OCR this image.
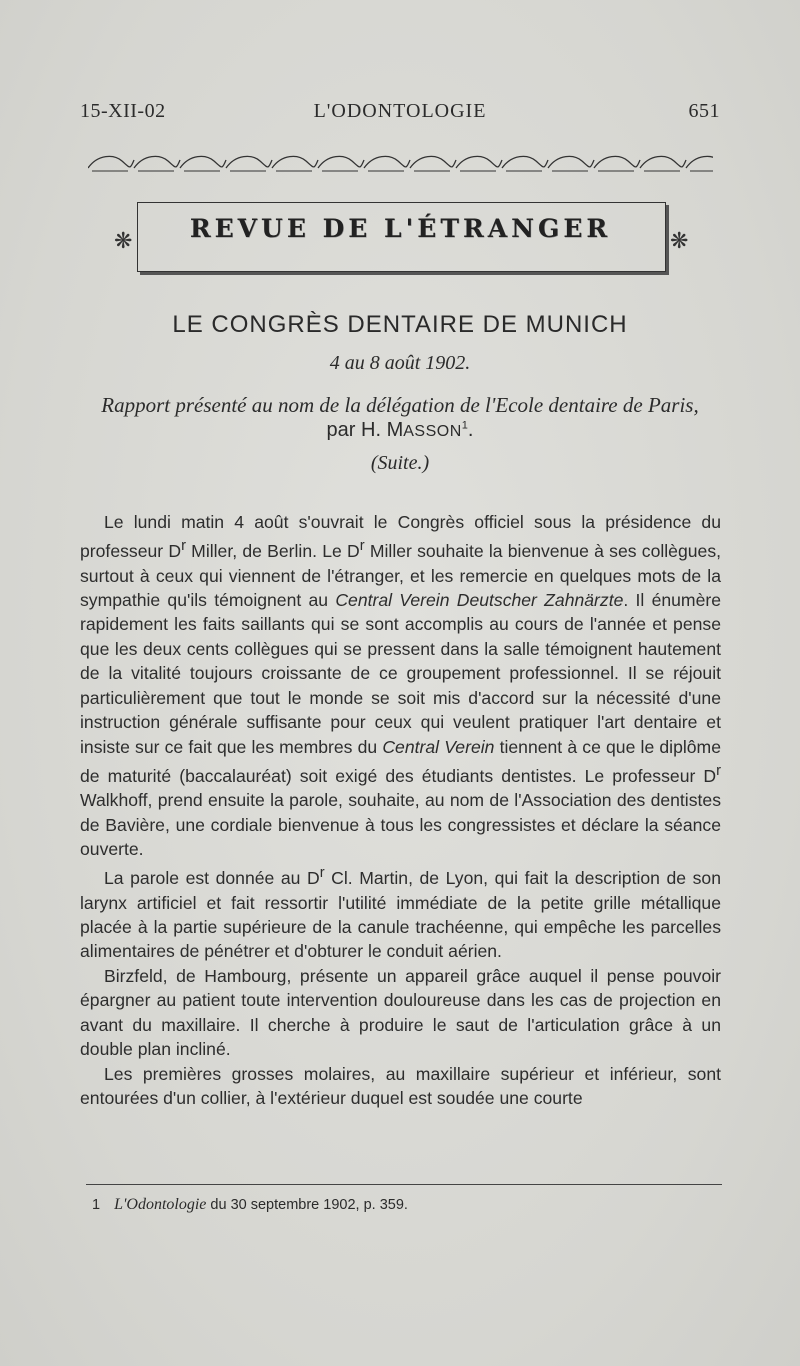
15-XII-02	L'ODONTOLOGIE	651
❋	REVUE DE L'ÉTRANGER	❋
LE CONGRÈS DENTAIRE DE MUNICH
4 au 8 août 1902.
Rapport présenté au nom de la délégation de l'Ecole dentaire de Paris,
par H. MASSON$^1$.
(Suite.)

Le lundi matin 4 août s'ouvrait le Congrès officiel sous la présidence du professeur $D^r$ Miller, de Berlin. Le $D^r$ Miller souhaite la bienvenue à ses collègues, surtout à ceux qui viennent de l'étranger, et les remercie en quelques mots de la sympathie qu'ils témoignent au Central Verein Deutscher Zahnärzte. Il énumère rapidement les faits saillants qui se sont accomplis au cours de l'année et pense que les deux cents collègues qui se pressent dans la salle témoignent hautement de la vitalité toujours croissante de ce groupement professionnel. Il se réjouit particulièrement que tout le monde se soit mis d'accord sur la nécessité d'une instruction générale suffisante pour ceux qui veulent pratiquer l'art dentaire et insiste sur ce fait que les membres du Central Verein tiennent à ce que le diplôme de maturité (baccalauréat) soit exigé des étudiants dentistes. Le professeur $D^r$ Walkhoff, prend ensuite la parole, souhaite, au nom de l'Association des dentistes de Bavière, une cordiale bienvenue à tous les congressistes et déclare la séance ouverte.

La parole est donnée au $D^r$ Cl. Martin, de Lyon, qui fait la description de son larynx artificiel et fait ressortir l'utilité immédiate de la petite grille métallique placée à la partie supérieure de la canule trachéenne, qui empêche les parcelles alimentaires de pénétrer et d'obturer le conduit aérien.

Birzfeld, de Hambourg, présente un appareil grâce auquel il pense pouvoir épargner au patient toute intervention douloureuse dans les cas de projection en avant du maxillaire. Il cherche à produire le saut de l'articulation grâce à un double plan incliné.

Les premières grosses molaires, au maxillaire supérieur et inférieur, sont entourées d'un collier, à l'extérieur duquel est soudée une courte

1 L'Odontologie du 30 septembre 1902, p. 359.
